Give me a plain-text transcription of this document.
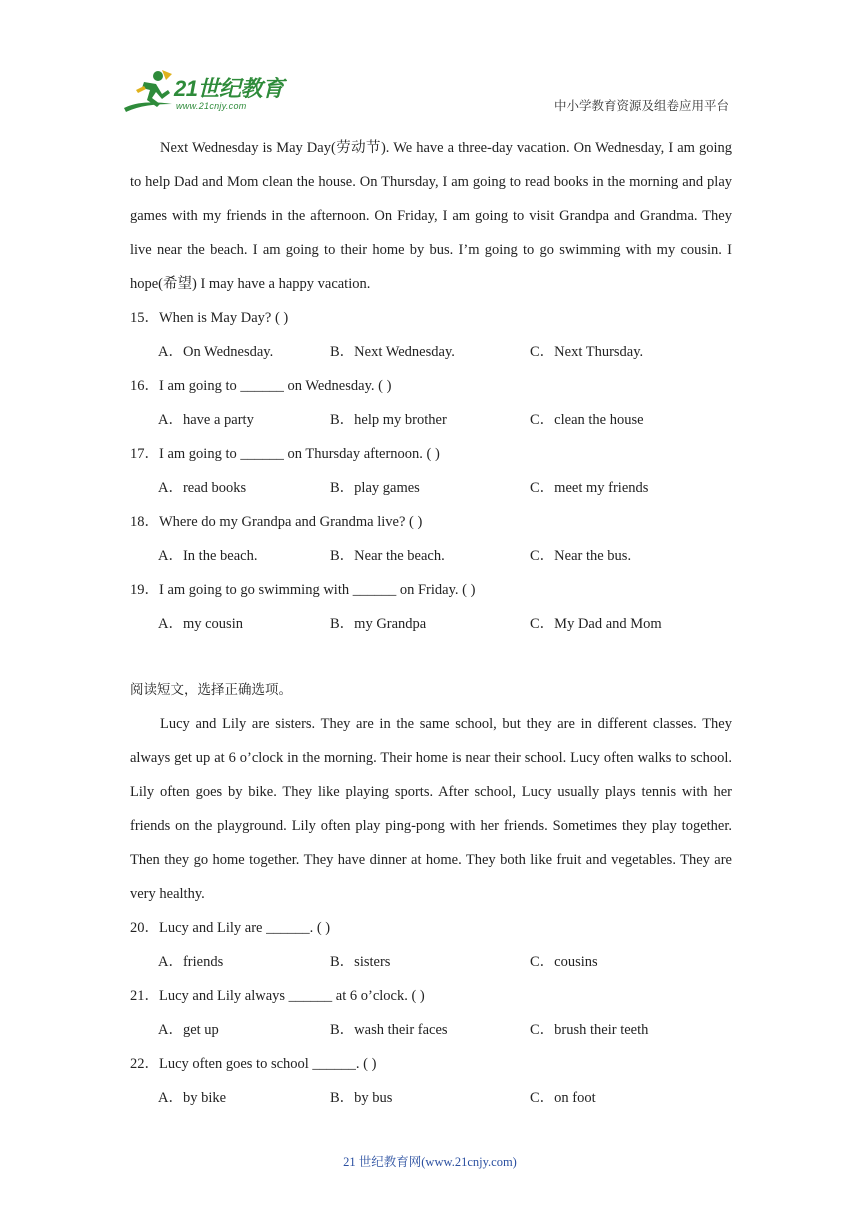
21世纪教育
www.21cnjy.com	中小学教育资源及组卷应用平台

Next Wednesday is May Day(劳动节). We have a three-day vacation. On Wednesday, I am going to help Dad and Mom clean the house. On Thursday, I am going to read books in the morning and play games with my friends in the afternoon. On Friday, I am going to visit Grandpa and Grandma. They live near the beach. I am going to their home by bus. I’m going to go swimming with my cousin. I hope(希望) I may have a happy vacation.

15．When is May Day? ( )
A．On Wednesday.	B．Next Wednesday.	C．Next Thursday.
16．I am going to ______ on Wednesday. ( )
A．have a party	B．help my brother	C．clean the house
17．I am going to ______ on Thursday afternoon. ( )
A．read books	B．play games	C．meet my friends
18．Where do my Grandpa and Grandma live? ( )
A．In the beach.	B．Near the beach.	C．Near the bus.
19．I am going to go swimming with ______ on Friday. ( )
A．my cousin	B．my Grandpa	C．My Dad and Mom
阅读短文，选择正确选项。

Lucy and Lily are sisters. They are in the same school, but they are in different classes. They always get up at 6 o’clock in the morning. Their home is near their school. Lucy often walks to school. Lily often goes by bike. They like playing sports. After school, Lucy usually plays tennis with her friends on the playground. Lily often play ping-pong with her friends. Sometimes they play together. Then they go home together. They have dinner at home. They both like fruit and vegetables. They are very healthy.

20．Lucy and Lily are ______. ( )
A．friends	B．sisters	C．cousins
21．Lucy and Lily always ______ at 6 o’clock. ( )
A．get up	B．wash their faces	C．brush their teeth
22．Lucy often goes to school ______. ( )
A．by bike	B．by bus	C．on foot
21 世纪教育网(www.21cnjy.com)
